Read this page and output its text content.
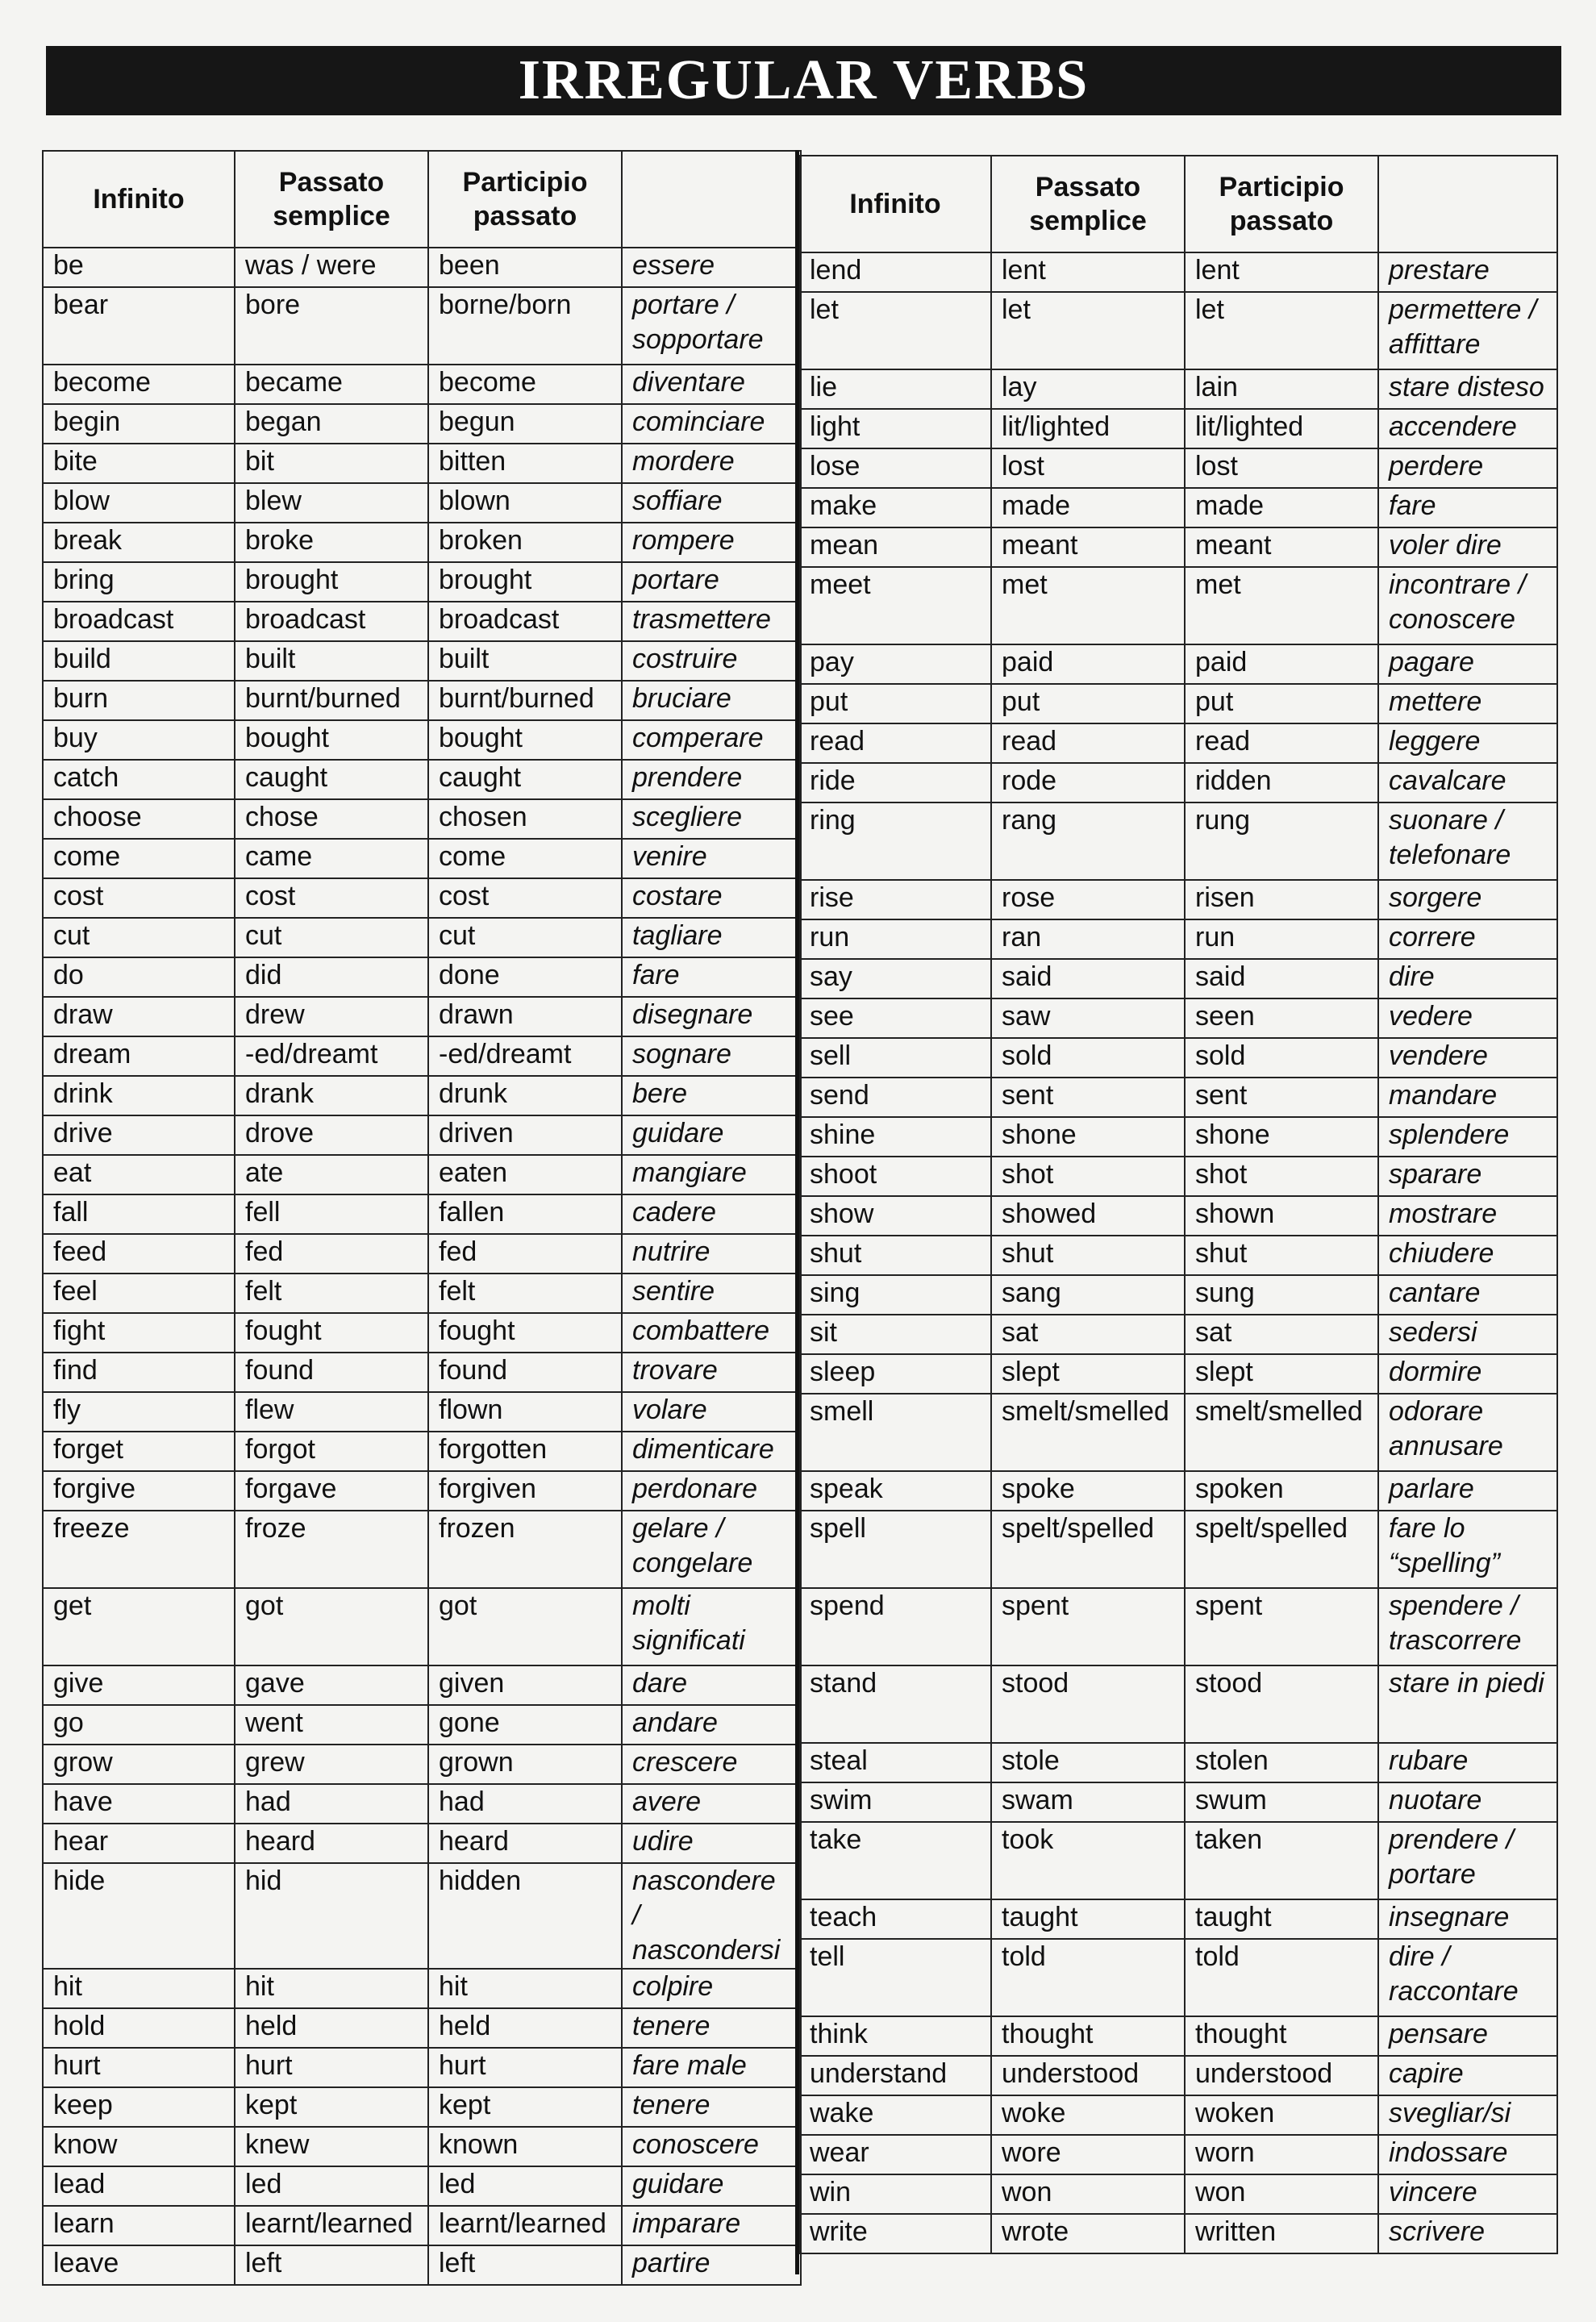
IRREGULAR VERBS
Infinito	Passato semplice	Participio passato	
be	was / were	been	essere
bear	bore	borne/born	portare / sopportare
become	became	become	diventare
begin	began	begun	cominciare
bite	bit	bitten	mordere
blow	blew	blown	soffiare
break	broke	broken	rompere
bring	brought	brought	portare
broadcast	broadcast	broadcast	trasmettere
build	built	built	costruire
burn	burnt/burned	burnt/burned	bruciare
buy	bought	bought	comperare
catch	caught	caught	prendere
choose	chose	chosen	scegliere
come	came	come	venire
cost	cost	cost	costare
cut	cut	cut	tagliare
do	did	done	fare
draw	drew	drawn	disegnare
dream	-ed/dreamt	-ed/dreamt	sognare
drink	drank	drunk	bere
drive	drove	driven	guidare
eat	ate	eaten	mangiare
fall	fell	fallen	cadere
feed	fed	fed	nutrire
feel	felt	felt	sentire
fight	fought	fought	combattere
find	found	found	trovare
fly	flew	flown	volare
forget	forgot	forgotten	dimenticare
forgive	forgave	forgiven	perdonare
freeze	froze	frozen	gelare / congelare
get	got	got	molti significati
give	gave	given	dare
go	went	gone	andare
grow	grew	grown	crescere
have	had	had	avere
hear	heard	heard	udire
hide	hid	hidden	nascondere / nascondersi
hit	hit	hit	colpire
hold	held	held	tenere
hurt	hurt	hurt	fare male
keep	kept	kept	tenere
know	knew	known	conoscere
lead	led	led	guidare
learn	learnt/learned	learnt/learned	imparare
leave	left	left	partire
Infinito	Passato semplice	Participio passato	
lend	lent	lent	prestare
let	let	let	permettere / affittare
lie	lay	lain	stare disteso
light	lit/lighted	lit/lighted	accendere
lose	lost	lost	perdere
make	made	made	fare
mean	meant	meant	voler dire
meet	met	met	incontrare / conoscere
pay	paid	paid	pagare
put	put	put	mettere
read	read	read	leggere
ride	rode	ridden	cavalcare
ring	rang	rung	suonare / telefonare
rise	rose	risen	sorgere
run	ran	run	correre
say	said	said	dire
see	saw	seen	vedere
sell	sold	sold	vendere
send	sent	sent	mandare
shine	shone	shone	splendere
shoot	shot	shot	sparare
show	showed	shown	mostrare
shut	shut	shut	chiudere
sing	sang	sung	cantare
sit	sat	sat	sedersi
sleep	slept	slept	dormire
smell	smelt/smelled	smelt/smelled	odorare annusare
speak	spoke	spoken	parlare
spell	spelt/spelled	spelt/spelled	fare lo “spelling”
spend	spent	spent	spendere / trascorrere
stand	stood	stood	stare in piedi
steal	stole	stolen	rubare
swim	swam	swum	nuotare
take	took	taken	prendere / portare
teach	taught	taught	insegnare
tell	told	told	dire / raccontare
think	thought	thought	pensare
understand	understood	understood	capire
wake	woke	woken	svegliar/si
wear	wore	worn	indossare
win	won	won	vincere
write	wrote	written	scrivere
